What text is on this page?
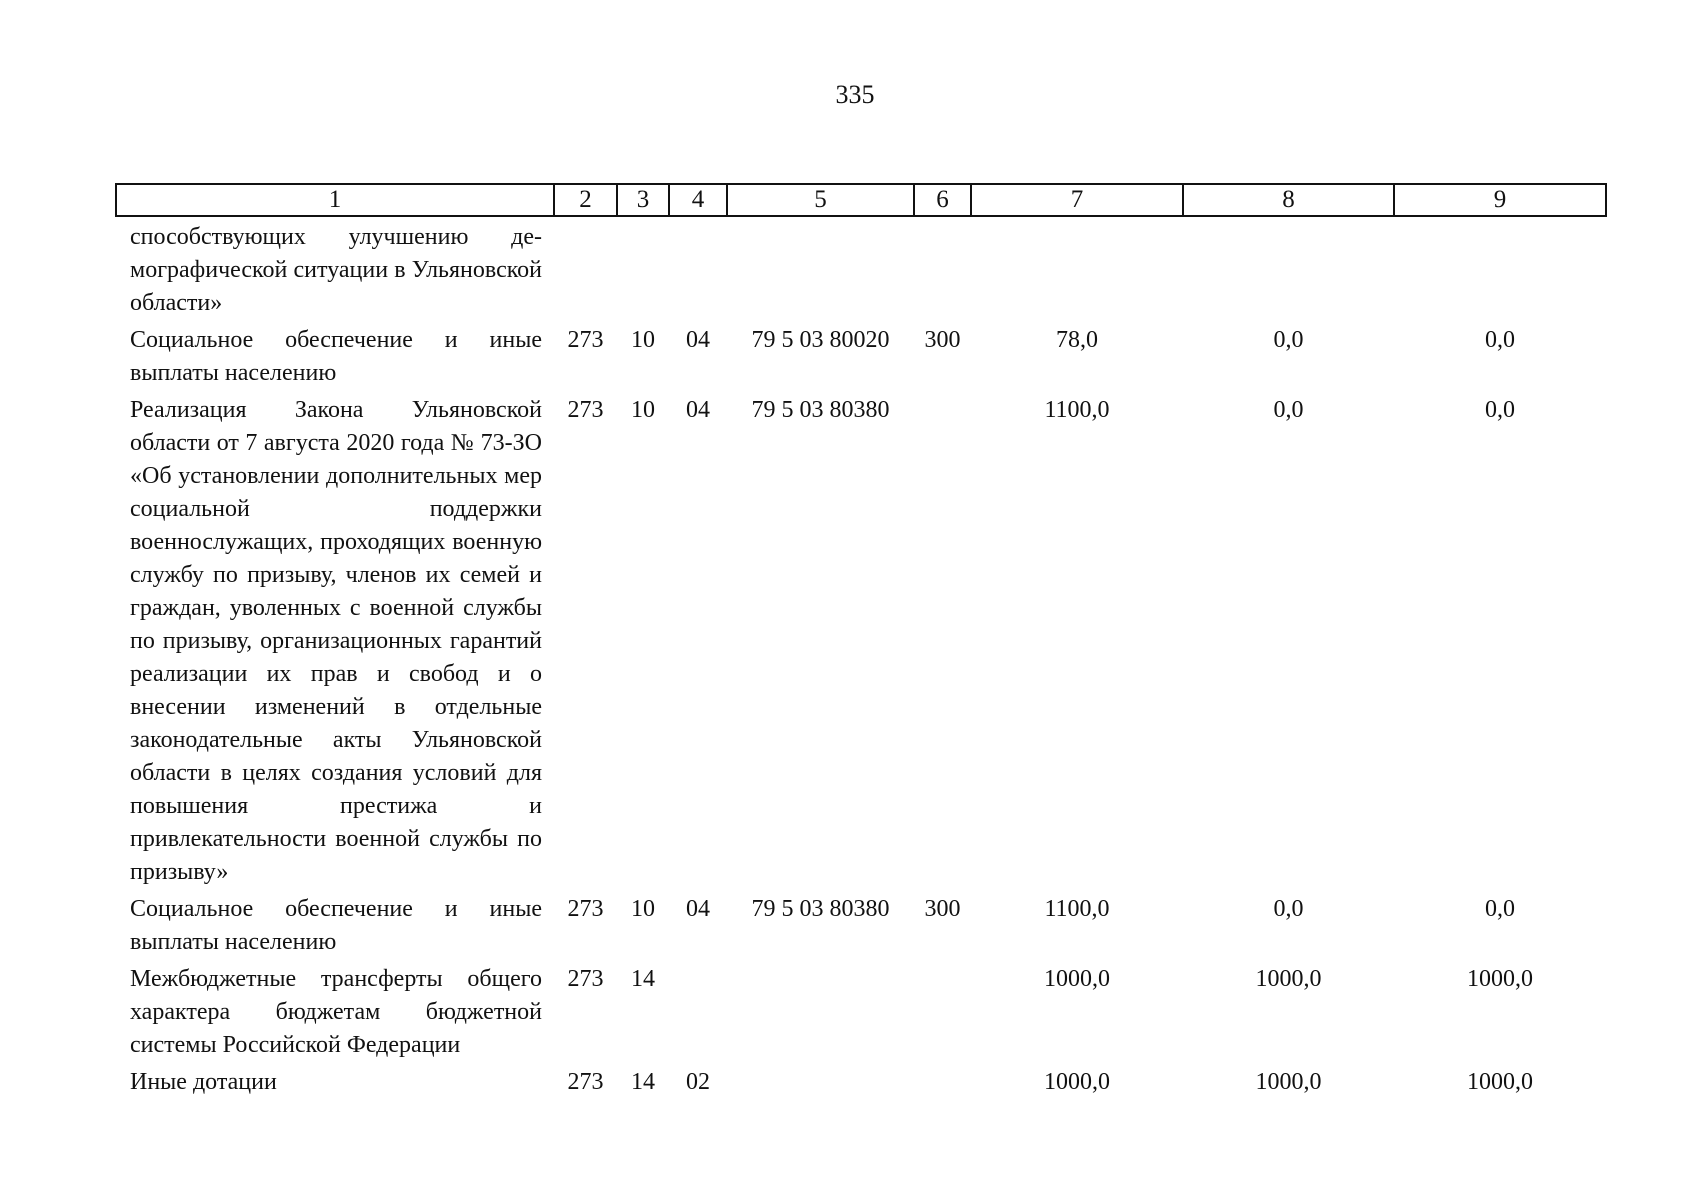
335
1	2	3	4	5	6	7	8	9
способствующих улучшению демографической ситуации в Ульяновской области»								
Социальное обеспечение и иные выплаты населению	273	10	04	79 5 03 80020	300	78,0	0,0	0,0
Реализация Закона Ульяновской области от 7 августа 2020 года № 73-ЗО «Об установлении дополнительных мер социальной поддержки военнослужащих, проходящих военную службу по призыву, членов их семей и граждан, уволенных с военной службы по призыву, организационных гарантий реализации их прав и свобод и о внесении изменений в отдельные законодательные акты Ульяновской области в целях создания условий для повышения престижа и привлекательности военной службы по призыву»	273	10	04	79 5 03 80380		1100,0	0,0	0,0
Социальное обеспечение и иные выплаты населению	273	10	04	79 5 03 80380	300	1100,0	0,0	0,0
Межбюджетные трансферты общего характера бюджетам бюджетной системы Российской Федерации	273	14				1000,0	1000,0	1000,0
Иные дотации	273	14	02			1000,0	1000,0	1000,0
